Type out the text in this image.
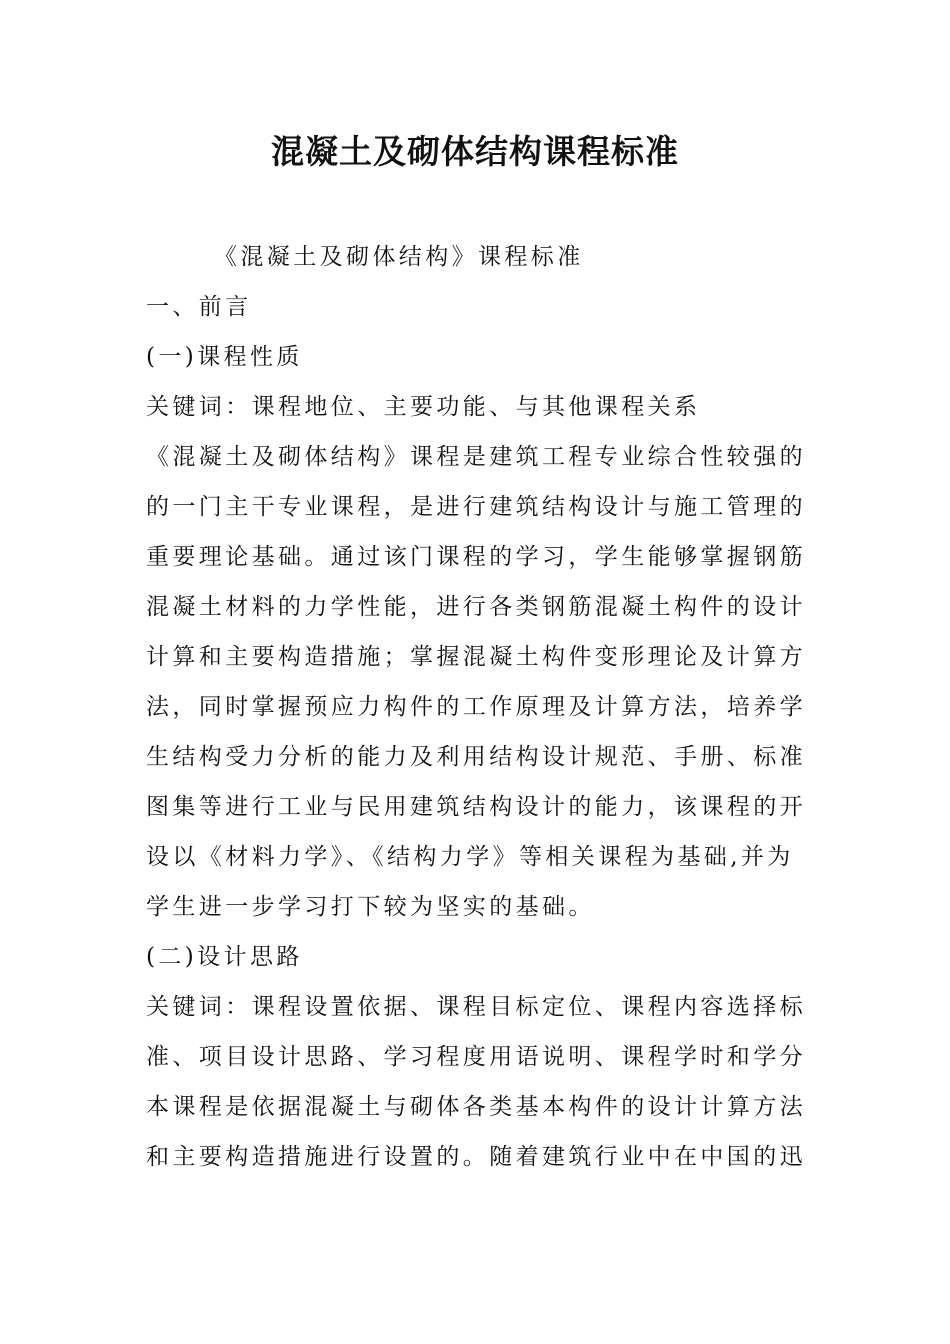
混凝土及砌体结构课程标准
《混凝土及砌体结构》课程标准
一、前言
(一)课程性质
关键词：课程地位、主要功能、与其他课程关系
《混凝土及砌体结构》课程是建筑工程专业综合性较强的
的一门主干专业课程，是进行建筑结构设计与施工管理的
重要理论基础。通过该门课程的学习，学生能够掌握钢筋
混凝土材料的力学性能，进行各类钢筋混凝土构件的设计
计算和主要构造措施；掌握混凝土构件变形理论及计算方
法，同时掌握预应力构件的工作原理及计算方法，培养学
生结构受力分析的能力及利用结构设计规范、手册、标准
图集等进行工业与民用建筑结构设计的能力，该课程的开
设以《材料力学》、《结构力学》等相关课程为基础,并为
学生进一步学习打下较为坚实的基础。
(二)设计思路
关键词：课程设置依据、课程目标定位、课程内容选择标
准、项目设计思路、学习程度用语说明、课程学时和学分
本课程是依据混凝土与砌体各类基本构件的设计计算方法
和主要构造措施进行设置的。随着建筑行业中在中国的迅
